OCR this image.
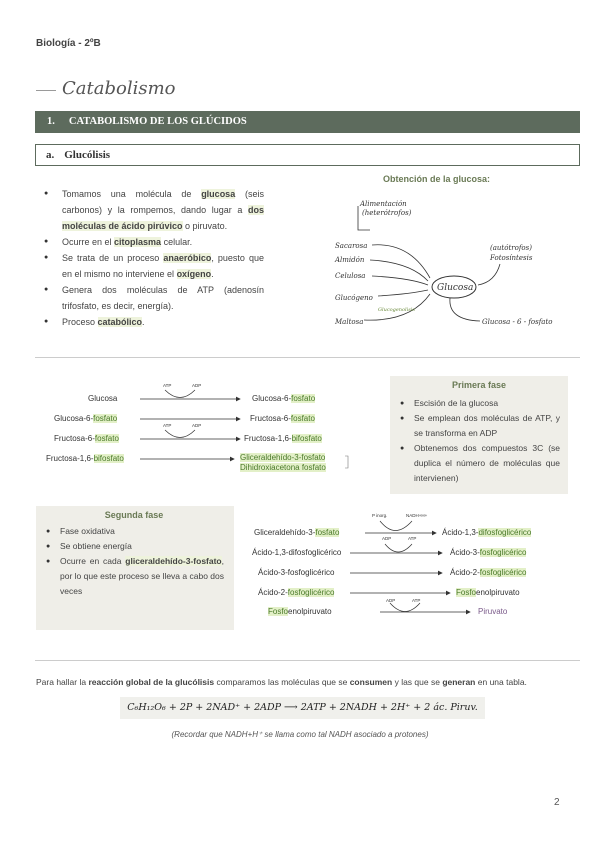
Biología - 2ºB
Catabolismo
1. CATABOLISMO DE LOS GLÚCIDOS
a. Glucólisis
● Tomamos una molécula de glucosa (seis carbonos) y la rompemos, dando lugar a dos moléculas de ácido pirúvico o piruvato.
● Ocurre en el citoplasma celular.
● Se trata de un proceso anaeróbico, puesto que en el mismo no interviene el oxígeno.
● Genera dos moléculas de ATP (adenosín trifosfato, es decir, energía).
● Proceso catabólico.
Obtención de la glucosa:
Alimentación
(heterótrofos)
Sacarosa
Almidón
Celulosa
Glucógeno
Maltosa
Glucogenolisis
Glucosa
(autótrofos)
Fotosíntesis
Glucosa - 6 - fosfato
Glucosa	Glucosa-6-fosfato
Glucosa-6-fosfato	Fructosa-6-fosfato
Fructosa-6-fosfato	Fructosa-1,6-bifosfato
Fructosa-1,6-bifosfato	Gliceraldehído-3-fosfato
Dihidroxiacetona fosfato
ATP	ADP
ATP	ADP
Primera fase
● Escisión de la glucosa
● Se emplean dos moléculas de ATP, y se transforma en ADP
● Obtenemos dos compuestos 3C (se duplica el número de moléculas que intervienen)
Segunda fase
● Fase oxidativa
● Se obtiene energía
● Ocurre en cada gliceraldehído-3-fosfato, por lo que este proceso se lleva a cabo dos veces
Gliceraldehído-3-fosfato	Ácido-1,3-difosfoglicérico
P inorg.	NADH+H+
Ácido-1,3-difosfoglicérico	Ácido-3-fosfoglicérico
ADP	ATP
Ácido-3-fosfoglicérico	Ácido-2-fosfoglicérico
Ácido-2-fosfoglicérico	Fosfoenolpiruvato
Fosfoenolpiruvato	Piruvato
ADP	ATP
Para hallar la reacción global de la glucólisis comparamos las moléculas que se consumen y las que se generan en una tabla.
C₆H₁₂O₆ + 2P + 2NAD⁺ + 2ADP ⟶ 2ATP + 2NADH + 2H⁺ + 2 ác. Piruv.
(Recordar que NADH+H⁺ se llama como tal NADH asociado a protones)
2
